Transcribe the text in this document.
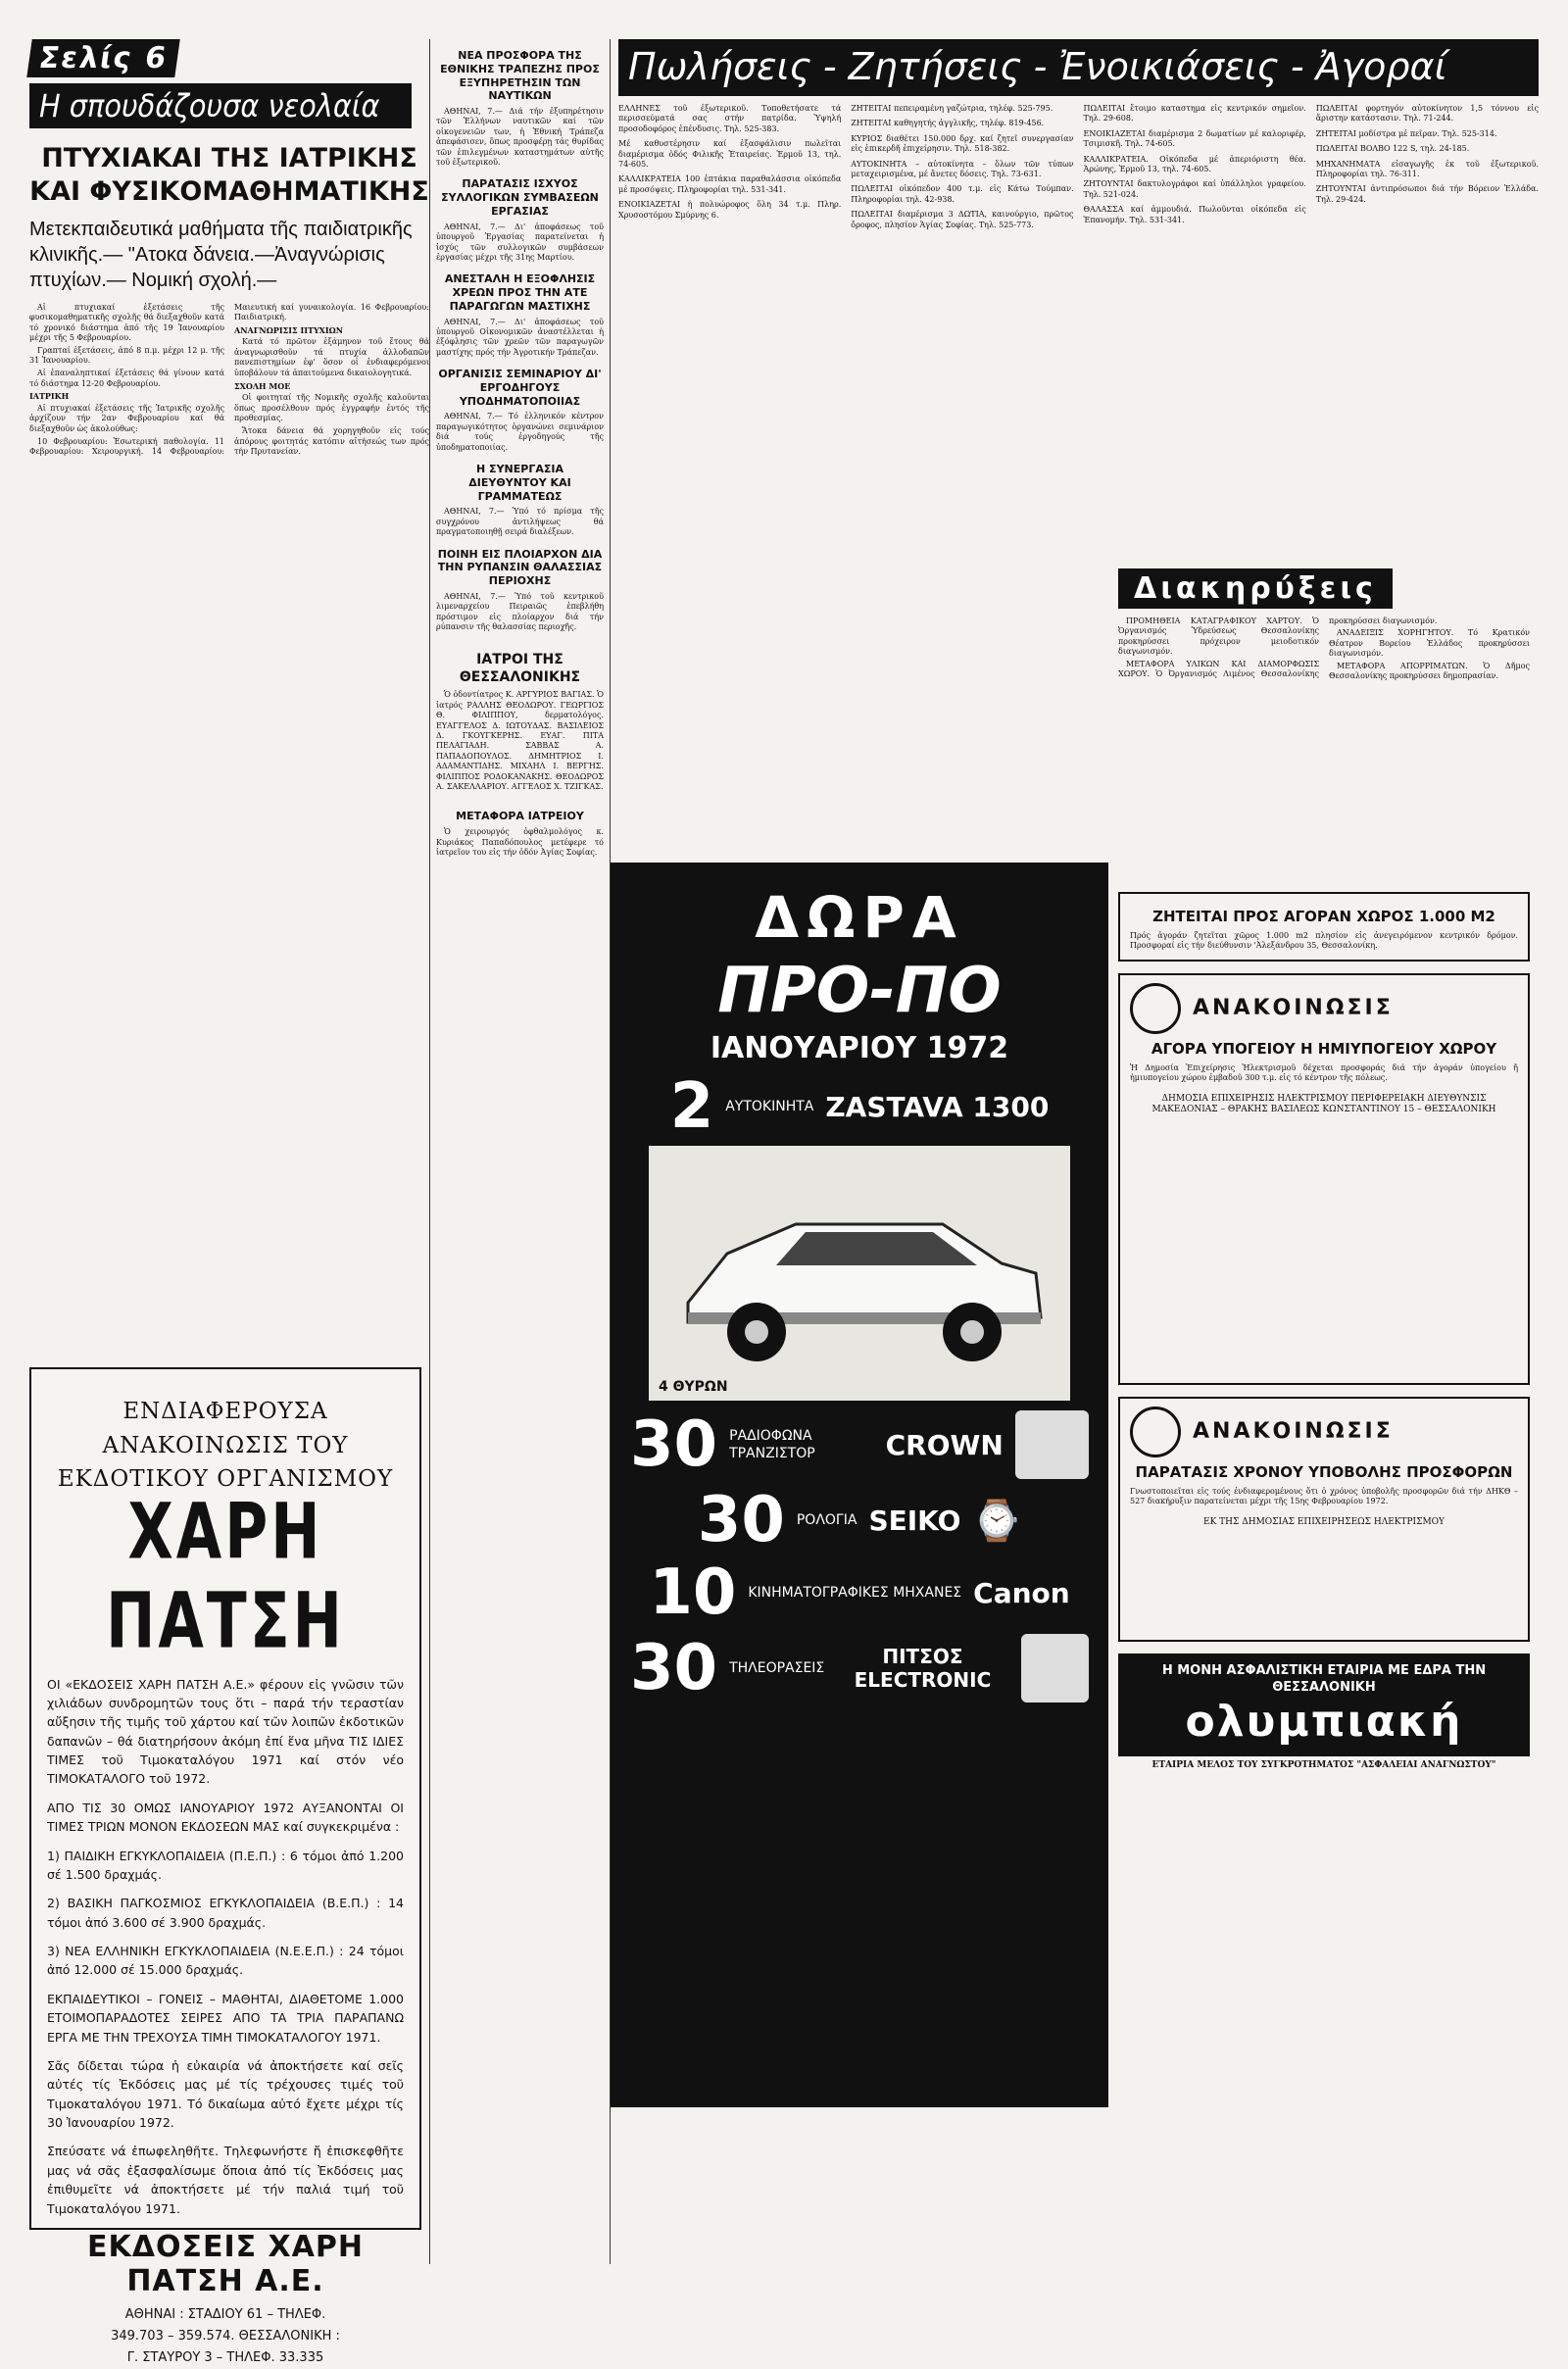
Σελίς 6
Η σπουδάζουσα νεολαία
ΠΤΥΧΙΑΚΑΙ ΤΗΣ ΙΑΤΡΙΚΗΣ
ΚΑΙ ΦΥΣΙΚΟΜΑΘΗΜΑΤΙΚΗΣ
Μετεκπαιδευτικά μαθήματα τῆς παιδιατρικῆς κλινικῆς.— "Ατοκα δάνεια.—Ἀναγνώρισις πτυχίων.— Νομική σχολή.—

Αἱ πτυχιακαί ἐξετάσεις τῆς φυσικομαθηματικῆς σχολῆς θά διεξαχθοῦν κατά τό χρονικό διάστημα ἀπό τῆς 19 Ἰανουαρίου μέχρι τῆς 5 Φεβρουαρίου.

Γραπταί ἐξετάσεις, ἀπό 8 π.μ. μέχρι 12 μ. τῆς 31 Ἰανουαρίου.

Αἱ ἐπαναληπτικαί ἐξετάσεις θά γίνουν κατά τό διάστημα 12-20 Φεβρουαρίου.

ΙΑΤΡΙΚΗ

Αἱ πτυχιακαί ἐξετάσεις τῆς Ἰατρικῆς σχολῆς ἀρχίζουν τήν 2αν Φεβρουαρίου καί θά διεξαχθοῦν ὡς ἀκολούθως:

10 Φεβρουαρίου: Ἐσωτερική παθολογία. 11 Φεβρουαρίου: Χειρουργική. 14 Φεβρουαρίου: Μαιευτική καί γυναικολογία. 16 Φεβρουαρίου: Παιδιατρική.

ΑΝΑΓΝΩΡΙΣΙΣ ΠΤΥΧΙΩΝ

Κατά τό πρῶτον ἑξάμηνον τοῦ ἔτους θά ἀναγνωρισθοῦν τά πτυχία ἀλλοδαπῶν πανεπιστημίων ἐφ' ὅσον οἱ ἐνδιαφερόμενοι ὑποβάλουν τά ἀπαιτούμενα δικαιολογητικά.

ΣΧΟΛΗ ΜΟΕ

Οἱ φοιτηταί τῆς Νομικῆς σχολῆς καλοῦνται ὅπως προσέλθουν πρός ἐγγραφήν ἐντός τῆς προθεσμίας.

Ἄτοκα δάνεια θά χορηγηθοῦν εἰς τούς ἀπόρους φοιτητάς κατόπιν αἰτήσεώς των πρός τήν Πρυτανείαν.

ΕΝΔΙΑΦΕΡΟΥΣΑ ΑΝΑΚΟΙΝΩΣΙΣ ΤΟΥ ΕΚΔΟΤΙΚΟΥ ΟΡΓΑΝΙΣΜΟΥ
ΧΑΡΗ ΠΑΤΣΗ

ΟΙ «ΕΚΔΟΣΕΙΣ ΧΑΡΗ ΠΑΤΣΗ Α.Ε.» φέρουν εἰς γνῶσιν τῶν χιλιάδων συνδρομητῶν τους ὅτι – παρά τήν τεραστίαν αὔξησιν τῆς τιμῆς τοῦ χάρτου καί τῶν λοιπῶν ἐκδοτικῶν δαπανῶν – θά διατηρήσουν ἀκόμη ἐπί ἕνα μῆνα ΤΙΣ ΙΔΙΕΣ ΤΙΜΕΣ τοῦ Τιμοκαταλόγου 1971 καί στόν νέο ΤΙΜΟΚΑΤΑΛΟΓΟ τοῦ 1972.

ΑΠΟ ΤΙΣ 30 ΟΜΩΣ ΙΑΝΟΥΑΡΙΟΥ 1972 ΑΥΞΑΝΟΝΤΑΙ ΟΙ ΤΙΜΕΣ ΤΡΙΩΝ ΜΟΝΟΝ ΕΚΔΟΣΕΩΝ ΜΑΣ καί συγκεκριμένα :

1) ΠΑΙΔΙΚΗ ΕΓΚΥΚΛΟΠΑΙΔΕΙΑ (Π.Ε.Π.) : 6 τόμοι ἀπό 1.200 σέ 1.500 δραχμάς.

2) ΒΑΣΙΚΗ ΠΑΓΚΟΣΜΙΟΣ ΕΓΚΥΚΛΟΠΑΙΔΕΙΑ (Β.Ε.Π.) : 14 τόμοι ἀπό 3.600 σέ 3.900 δραχμάς.

3) ΝΕΑ ΕΛΛΗΝΙΚΗ ΕΓΚΥΚΛΟΠΑΙΔΕΙΑ (Ν.Ε.Ε.Π.) : 24 τόμοι ἀπό 12.000 σέ 15.000 δραχμάς.

ΕΚΠΑΙΔΕΥΤΙΚΟΙ – ΓΟΝΕΙΣ – ΜΑΘΗΤΑΙ, ΔΙΑΘΕΤΟΜΕ 1.000 ΕΤΟΙΜΟΠΑΡΑΔΟΤΕΣ ΣΕΙΡΕΣ ΑΠΟ ΤΑ ΤΡΙΑ ΠΑΡΑΠΑΝΩ ΕΡΓΑ ΜΕ ΤΗΝ ΤΡΕΧΟΥΣΑ ΤΙΜΗ ΤΙΜΟΚΑΤΑΛΟΓΟΥ 1971.

Σᾶς δίδεται τώρα ἡ εὐκαιρία νά ἀποκτήσετε καί σεῖς αὐτές τίς Ἐκδόσεις μας μέ τίς τρέχουσες τιμές τοῦ Τιμοκαταλόγου 1971. Τό δικαίωμα αὐτό ἔχετε μέχρι τίς 30 Ἰανουαρίου 1972.

Σπεύσατε νά ἐπωφεληθῆτε. Τηλεφωνήστε ἤ ἐπισκεφθῆτε μας νά σᾶς ἐξασφαλίσωμε ὅποια ἀπό τίς Ἐκδόσεις μας ἐπιθυμεῖτε νά ἀποκτήσετε μέ τήν παλιά τιμή τοῦ Τιμοκαταλόγου 1971.

ΕΚΔΟΣΕΙΣ ΧΑΡΗ ΠΑΤΣΗ Α.Ε.
ΑΘΗΝΑΙ : ΣΤΑΔΙΟΥ 61 – ΤΗΛΕΦ.
349.703 – 359.574. ΘΕΣΣΑΛΟΝΙΚΗ :
Γ. ΣΤΑΥΡΟΥ 3 – ΤΗΛΕΦ. 33.335
ΝΕΑ ΠΡΟΣΦΟΡΑ ΤΗΣ ΕΘΝΙΚΗΣ ΤΡΑΠΕΖΗΣ ΠΡΟΣ ΕΞΥΠΗΡΕΤΗΣΙΝ ΤΩΝ ΝΑΥΤΙΚΩΝ

ΑΘΗΝΑΙ, 7.— Διά τήν ἐξυπηρέτησιν τῶν Ἑλλήνων ναυτικῶν καί τῶν οἰκογενειῶν των, ἡ Ἐθνική Τράπεζα ἀπεφάσισεν, ὅπως προσφέρῃ τάς θυρίδας τῶν ἐπιλεγμένων καταστημάτων αὐτῆς τοῦ ἐξωτερικοῦ.

ΠΑΡΑΤΑΣΙΣ ΙΣΧΥΟΣ ΣΥΛΛΟΓΙΚΩΝ ΣΥΜΒΑΣΕΩΝ ΕΡΓΑΣΙΑΣ

ΑΘΗΝΑΙ, 7.— Δι' ἀποφάσεως τοῦ ὑπουργοῦ Ἐργασίας παρατείνεται ἡ ἰσχύς τῶν συλλογικῶν συμβάσεων ἐργασίας μέχρι τῆς 31ης Μαρτίου.

ΑΝΕΣΤΑΛΗ Η ΕΞΟΦΛΗΣΙΣ ΧΡΕΩΝ ΠΡΟΣ ΤΗΝ ΑΤΕ ΠΑΡΑΓΩΓΩΝ ΜΑΣΤΙΧΗΣ

ΑΘΗΝΑΙ, 7.— Δι' ἀποφάσεως τοῦ ὑπουργοῦ Οἰκονομικῶν ἀναστέλλεται ἡ ἐξόφλησις τῶν χρεῶν τῶν παραγωγῶν μαστίχης πρός τήν Ἀγροτικήν Τράπεζαν.

ΟΡΓΑΝΙΣΙΣ ΣΕΜΙΝΑΡΙΟΥ ΔΙ' ΕΡΓΟΔΗΓΟΥΣ ΥΠΟΔΗΜΑΤΟΠΟΙΙΑΣ

ΑΘΗΝΑΙ, 7.— Τό ἑλληνικόν κέντρον παραγωγικότητος ὀργανώνει σεμινάριον διά τούς ἐργοδηγούς τῆς ὑποδηματοποιίας.

Η ΣΥΝΕΡΓΑΣΙΑ ΔΙΕΥΘΥΝΤΟΥ ΚΑΙ ΓΡΑΜΜΑΤΕΩΣ

ΑΘΗΝΑΙ, 7.— Ὑπό τό πρίσμα τῆς συγχρόνου ἀντιλήψεως θά πραγματοποιηθῇ σειρά διαλέξεων.

ΠΟΙΝΗ ΕΙΣ ΠΛΟΙΑΡΧΟΝ ΔΙΑ ΤΗΝ ΡΥΠΑΝΣΙΝ ΘΑΛΑΣΣΙΑΣ ΠΕΡΙΟΧΗΣ

ΑΘΗΝΑΙ, 7.— Ὑπό τοῦ κεντρικοῦ λιμεναρχείου Πειραιῶς ἐπεβλήθη πρόστιμον εἰς πλοίαρχον διά τήν ρύπανσιν τῆς θαλασσίας περιοχῆς.

ΙΑΤΡΟΙ ΤΗΣ ΘΕΣΣΑΛΟΝΙΚΗΣ

Ὁ ὀδοντίατρος Κ. ΑΡΓΥΡΙΟΣ ΒΑΓΙΑΣ. Ὁ ἰατρός ΡΑΛΛΗΣ ΘΕΟΔΩΡΟΥ. ΓΕΩΡΓΙΟΣ Θ. ΦΙΛΙΠΠΟΥ, δερματολόγος. ΕΥΑΓΓΕΛΟΣ Δ. ΙΩΤΟΥΔΑΣ. ΒΑΣΙΛΕΙΟΣ Δ. ΓΚΟΥΓΚΕΡΗΣ. ΕΥΑΓ. ΠΙΤΑ ΠΕΛΑΓΙΑΔΗ. ΣΑΒΒΑΣ Α. ΠΑΠΑΔΟΠΟΥΛΟΣ. ΔΗΜΗΤΡΙΟΣ Ι. ΑΔΑΜΑΝΤΙΔΗΣ. ΜΙΧΑΗΛ Ι. ΒΕΡΓΗΣ. ΦΙΛΙΠΠΟΣ ΡΟΔΟΚΑΝΑΚΗΣ. ΘΕΟΔΩΡΟΣ Α. ΣΑΚΕΛΛΑΡΙΟΥ. ΑΓΓΕΛΟΣ Χ. ΤΖΙΓΚΑΣ.

ΜΕΤΑΦΟΡΑ ΙΑΤΡΕΙΟΥ

Ὁ χειρουργός ὀφθαλμολόγος κ. Κυριάκος Παπαδόπουλος μετέφερε τό ἰατρεῖον του εἰς τήν ὁδόν Ἀγίας Σοφίας.

Πωλήσεις - Ζητήσεις - Ἐνοικιάσεις - Ἀγοραί

ΕΛΛΗΝΕΣ τοῦ ἐξωτερικοῦ. Τοποθετήσατε τά περισσεύματά σας στήν πατρίδα. Ὑψηλή προσοδοφόρος ἐπένδυσις. Τηλ. 525-383.

Μέ καθυστέρησιν καί ἐξασφάλισιν πωλεῖται διαμέρισμα ὁδός Φιλικῆς Ἑταιρείας. Ἐρμοῦ 13, τηλ. 74-605.

ΚΑΛΛΙΚΡΑΤΕΙΑ 100 ἑπτάκια παραθαλάσσια οἰκόπεδα μέ προσόψεις. Πληροφορίαι τηλ. 531-341.

ΕΝΟΙΚΙΑΖΕΤΑΙ ἡ πολυώροφος ὅλη 34 τ.μ. Πληρ. Χρυσοστόμου Σμύρνης 6.

ΖΗΤΕΙΤΑΙ πεπειραμένη γαζώτρια, τηλέφ. 525-795.

ΖΗΤΕΙΤΑΙ καθηγητής ἀγγλικῆς, τηλέφ. 819-456.

ΚΥΡΙΟΣ διαθέτει 150.000 δρχ. καί ζητεῖ συνεργασίαν εἰς ἐπικερδῆ ἐπιχείρησιν. Τηλ. 518-382.

ΑΥΤΟΚΙΝΗΤΑ – αὐτοκίνητα – ὅλων τῶν τύπων μεταχειρισμένα, μέ ἄνετες δόσεις. Τηλ. 73-631.

ΠΩΛΕΙΤΑΙ οἰκόπεδον 400 τ.μ. εἰς Κάτω Τούμπαν. Πληροφορίαι τηλ. 42-938.

ΠΩΛΕΙΤΑΙ διαμέρισμα 3 ΔΩΤΙΑ, καινούργιο, πρῶτος ὄροφος, πλησίον Ἁγίας Σοφίας. Τηλ. 525-773.

ΠΩΛΕΙΤΑΙ ἔτοιμο καταστημα εἰς κεντρικόν σημεῖον. Τηλ. 29-608.

ΕΝΟΙΚΙΑΖΕΤΑΙ διαμέρισμα 2 δωματίων μέ καλοριφέρ, Τσιμισκῆ. Τηλ. 74-605.

ΚΑΛΛΙΚΡΑΤΕΙΑ. Οἰκόπεδα μέ ἀπεριόριστη θέα. Ἀρώνης, Ἐρμοῦ 13, τηλ. 74-605.

ΖΗΤΟΥΝΤΑΙ δακτυλογράφοι καί ὑπάλληλοι γραφείου. Τηλ. 521-024.

ΘΑΛΑΣΣΑ καί ἀμμουδιά. Πωλοῦνται οἰκόπεδα εἰς Ἐπανομήν. Τηλ. 531-341.

ΠΩΛΕΙΤΑΙ φορτηγόν αὐτοκίνητον 1,5 τόννου εἰς ἄριστην κατάστασιν. Τηλ. 71-244.

ΖΗΤΕΙΤΑΙ μοδίστρα μέ πεῖραν. Τηλ. 525-314.

ΠΩΛΕΙΤΑΙ ΒΟΛΒΟ 122 S, τηλ. 24-185.

ΜΗΧΑΝΗΜΑΤΑ εἰσαγωγῆς ἐκ τοῦ ἐξωτερικοῦ. Πληροφορίαι τηλ. 76-311.

ΖΗΤΟΥΝΤΑΙ ἀντιπρόσωποι διά τήν Βόρειον Ἑλλάδα. Τηλ. 29-424.

Διακηρύξεις

ΠΡΟΜΗΘΕΙΑ ΚΑΤΑΓΡΑΦΙΚΟΥ ΧΑΡΤΟΥ. Ὁ Ὀργανισμός Ὑδρεύσεως Θεσσαλονίκης προκηρύσσει πρόχειρον μειοδοτικόν διαγωνισμόν.

ΜΕΤΑΦΟΡΑ ΥΛΙΚΩΝ ΚΑΙ ΔΙΑΜΟΡΦΩΣΙΣ ΧΩΡΟΥ. Ὁ Ὀργανισμός Λιμένος Θεσσαλονίκης προκηρύσσει διαγωνισμόν.

ΑΝΑΔΕΙΞΙΣ ΧΟΡΗΓΗΤΟΥ. Τό Κρατικόν Θέατρον Βορείου Ἑλλάδος προκηρύσσει διαγωνισμόν.

ΜΕΤΑΦΟΡΑ ΑΠΟΡΡΙΜΑΤΩΝ. Ὁ Δῆμος Θεσσαλονίκης προκηρύσσει δημοπρασίαν.

ΔΩΡΑ
ΠΡΟ-ΠΟ
ΙΑΝΟΥΑΡΙΟΥ 1972
2 ΑΥΤΟΚΙΝΗΤΑ ZASTAVA 1300
4 ΘΥΡΩΝ
30 ΡΑΔΙΟΦΩΝΑ ΤΡΑΝΖΙΣΤΟΡ	CROWN
30 ΡΟΛΟΓΙΑ SEIKO ⌚
10 ΚΙΝΗΜΑΤΟΓΡΑΦΙΚΕΣ ΜΗΧΑΝΕΣ Canon
30 ΤΗΛΕΟΡΑΣΕΙΣ	ΠΙΤΣΟΣ ELECTRONIC
ΖΗΤΕΙΤΑΙ ΠΡΟΣ ΑΓΟΡΑΝ ΧΩΡΟΣ 1.000 M2
Πρός ἀγοράν ζητεῖται χῶρος 1.000 m2 πλησίον εἰς ἀνεγειρόμενον κεντρικόν δρόμον. Προσφοραί εἰς τήν διεύθυνσιν 'Ἀλεξάνδρου 35, Θεσσαλονίκη.
ΑΝΑΚΟΙΝΩΣΙΣ
ΑΓΟΡΑ ΥΠΟΓΕΙΟΥ Η ΗΜΙΥΠΟΓΕΙΟΥ ΧΩΡΟΥ
Ἡ Δημοσία Ἐπιχείρησις Ἠλεκτρισμοῦ δέχεται προσφοράς διά τήν ἀγοράν ὑπογείου ἤ ἡμιυπογείου χώρου ἐμβαδοῦ 300 τ.μ. εἰς τό κέντρον τῆς πόλεως.
ΔΗΜΟΣΙΑ ΕΠΙΧΕΙΡΗΣΙΣ ΗΛΕΚΤΡΙΣΜΟΥ ΠΕΡΙΦΕΡΕΙΑΚΗ ΔΙΕΥΘΥΝΣΙΣ ΜΑΚΕΔΟΝΙΑΣ – ΘΡΑΚΗΣ ΒΑΣΙΛΕΩΣ ΚΩΝΣΤΑΝΤΙΝΟΥ 15 – ΘΕΣΣΑΛΟΝΙΚΗ
ΑΝΑΚΟΙΝΩΣΙΣ
ΠΑΡΑΤΑΣΙΣ ΧΡΟΝΟΥ ΥΠΟΒΟΛΗΣ ΠΡΟΣΦΟΡΩΝ
Γνωστοποιεῖται εἰς τούς ἐνδιαφερομένους ὅτι ὁ χρόνος ὑποβολῆς προσφορῶν διά τήν ΔΗΚΘ – 527 διακήρυξιν παρατείνεται μέχρι τῆς 15ης Φεβρουαρίου 1972.
ΕΚ ΤΗΣ ΔΗΜΟΣΙΑΣ ΕΠΙΧΕΙΡΗΣΕΩΣ ΗΛΕΚΤΡΙΣΜΟΥ
Η ΜΟΝΗ ΑΣΦΑΛΙΣΤΙΚΗ ΕΤΑΙΡΙΑ ΜΕ ΕΔΡΑ ΤΗΝ ΘΕΣΣΑΛΟΝΙΚΗ
ολυμπιακή
ΕΤΑΙΡΙΑ ΜΕΛΟΣ ΤΟΥ ΣΥΓΚΡΟΤΗΜΑΤΟΣ "ΑΣΦΑΛΕΙΑΙ ΑΝΑΓΝΩΣΤΟΥ"
